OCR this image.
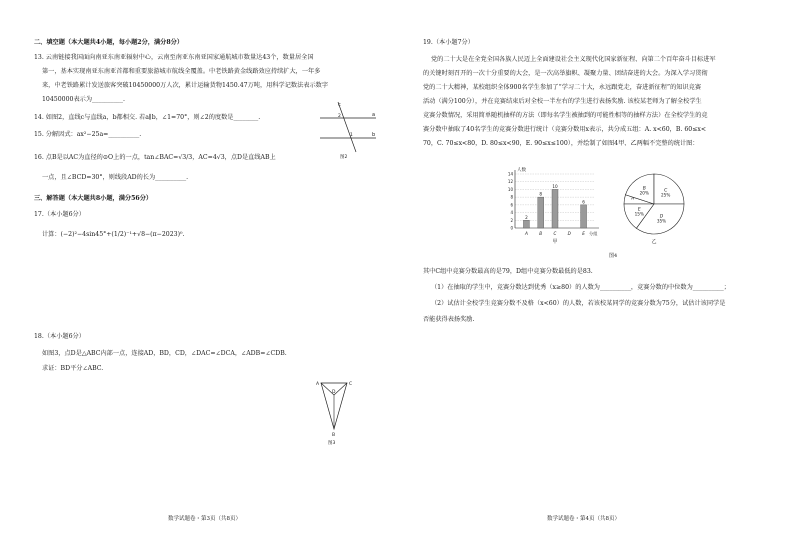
二、填空题（本大题共4小题，每小题2分，满分8分）
13. 云南链接我国面向南亚东南亚辐射中心，云南至南亚东南亚国家通航城市数量达43个，数量居全国
第一，基本实现南亚东南亚首都和重要旅游城市航线全覆盖。中老铁路黄金线路效应持续扩大，一年多
来，中老铁路累计发送旅客突破10450000万人次，累计运输货物1450.47万吨，用科学记数法表示数字
10450000表示为__________.
14. 如图2，直线c与直线a，b都相交. 若a∥b，∠1=70°，则∠2的度数是________.
15. 分解因式：ax²−25a=__________.
16. 点B是以AC为直径的⊙O上的一点，tan∠BAC=√3/3，AC=4√3，点D是直线AB上
一点，且∠BCD=30°，则线段AD的长为__________.
c
a
b
1
2
图2
三、解答题（本大题共8小题，满分56分）
17.（本小题6分）
计算：(−2)²−4sin45°+(1/2)⁻¹+√8−(π−2023)⁰.
18.（本小题6分）
如图3，点D是△ABC内部一点，连接AD，BD，CD，∠DAC=∠DCA，∠ADB=∠CDB.
求证：BD平分∠ABC.
A	C
D
B
图3
数学试题卷・第3页（共8页）
19.（本小题7分）
党的二十大是在全党全国各族人民迈上全面建设社会主义现代化国家新征程、向第二个百年奋斗目标进军
的关键时刻召开的一次十分重要的大会，是一次高举旗帜、凝聚力量、团结奋进的大会。为深入学习贯彻
党的二十大精神，某校组织全体900名学生参加了“学习二十大，永远跟党走，奋进新征程”的知识竞赛
活动（满分100分），并在竞赛结束后对全校一半左右的学生进行表扬奖励. 该校某老师为了解全校学生
竞赛分数情况，采用简单随机抽样的方法（即每名学生被抽到的可能性相等的抽样方法）在全校学生的竞
赛分数中抽取了40名学生的竞赛分数进行统计（竞赛分数用x表示，共分成五组：A. x<60，B. 60≤x<
70，C. 70≤x<80，D. 80≤x<90，E. 90≤x≤100），并绘制了如图4甲、乙两幅不完整的统计图：
2
4
6
8
10
12
14
0
人数
分组
2
A
8
B
10
C	D
6
E
甲
A
B
20%	C
25%
D
35%
E
15%
乙
图4
其中C组中竞赛分数最高的是79，D组中竞赛分数最低的是83.
（1）在抽取的学生中，竞赛分数达到优秀（x≥80）的人数为__________，竞赛分数的中位数为__________；
（2）试估计全校学生竞赛分数不及格（x<60）的人数，若该校某同学的竞赛分数为75分，试估计该同学是
否能获得表扬奖励.
数学试题卷・第4页（共8页）
